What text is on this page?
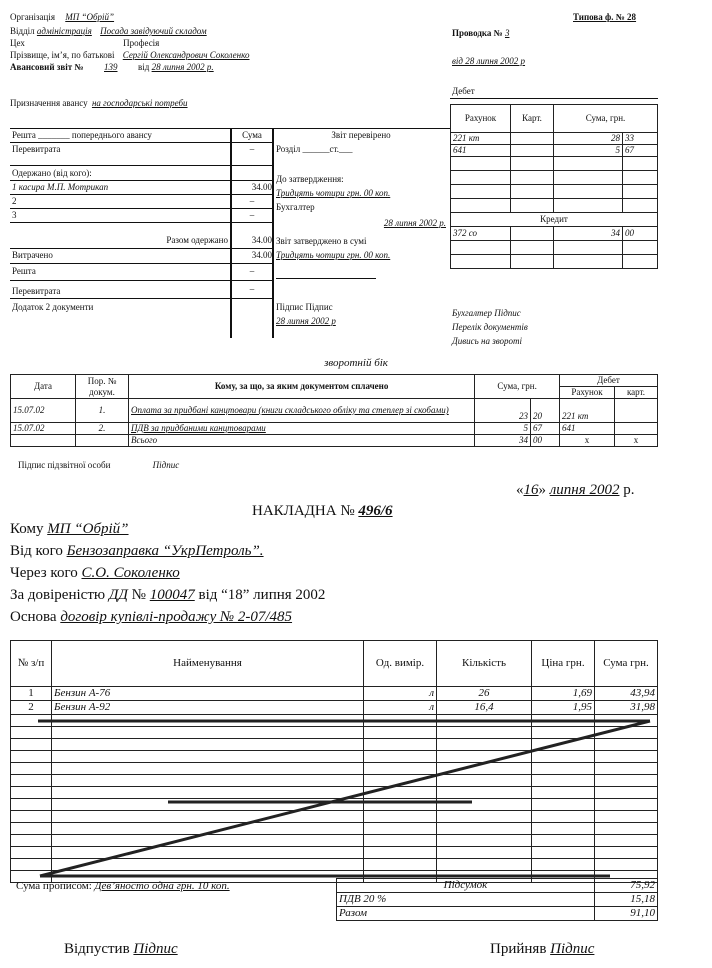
Організація МП “Обрій”	Типова ф. № 28
Відділ адміністрація Посада завідуючий складом	Проводка № 3
Цех	Професія
Прізвище, ім’я, по батькові Сергій Олександрович Соколенко
від 28 липня 2002 р
Авансовий звіт № 139 від 28 липня 2002 р.
Призначення авансу на господарські потреби
Дебет
Рахунок	Карт.	Сума, грн.	
221 кт		28	33
641		5	67

Кредит			
372 со		34	00

Решта _______ попереднього авансу	Сума
Перевитрата	–
Одержано (від кого):
1 касира М.П. Мотрикап	34.00
2	–
3	–
Разом одержано	34.00
Витрачено	34.00
Решта	–
Перевитрата	–
Додаток 2 документи
Звіт перевірено
Розділ ______ст.___
До затвердження:
Тридцять чотири грн. 00 коп.
Бухгалтер
28 липня 2002 р.
Звіт затверджено в сумі
Тридцять чотири грн. 00 коп.
Підпис Підпис
28 липня 2002 р
Бухгалтер Підпис
Перелік документів
Дивись на звороті
зворотній бік
Дата	Пор. № докум.	Кому, за що, за яким документом сплачено	Сума, грн.		Дебет	
					Рахунок	карт.
15.07.02	1.	Оплата за придбані канцтовари (книги складського обліку та степлер зі скобами)	23	20	221 кт	
15.07.02	2.	ПДВ за придбаними канцтоварами	5	67	641	
		Всього	34	00	х	х
Підпис підзвітної особи	Підпис
«16» липня 2002 р.
НАКЛАДНА № 496/6
Кому МП “Обрій”
Від кого Бензозаправка “УкрПетроль”.
Через кого С.О. Соколенко
За довіреністю ДД № 100047 від “18” липня 2002
Основа договір купівлі-продажу № 2-07/485
№ з/п	Найменування	Од. вимір.	Кількість	Ціна грн.	Сума грн.
1	Бензин А-76	л	26	1,69	43,94
2	Бензин А-92	л	16,4	1,95	31,98

Сума прописом: Дев’яносто одна грн. 10 коп.	Підсумок	75,92
ПДВ 20 %	15,18
Разом	91,10
Відпустив Підпис	Прийняв Підпис
